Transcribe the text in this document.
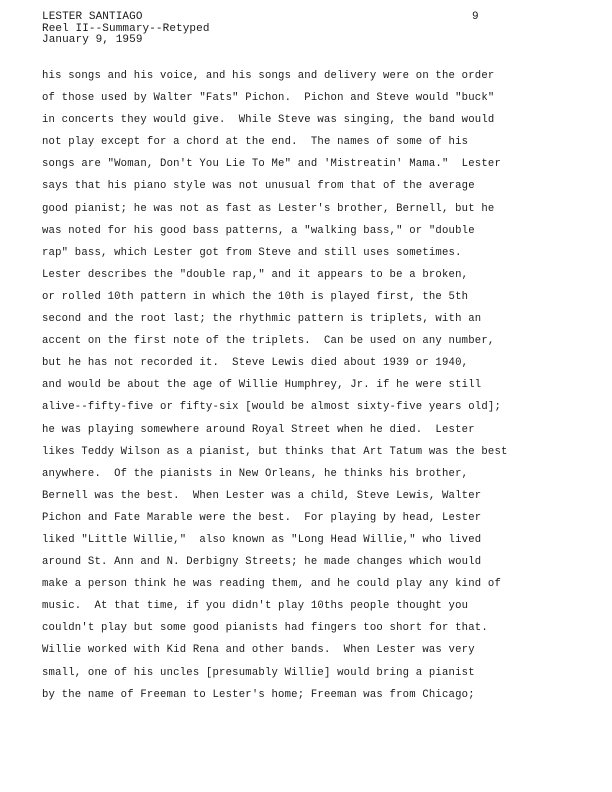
LESTER SANTIAGO
Reel II--Summary--Retyped
January 9, 1959
9
his songs and his voice, and his songs and delivery were on the order
of those used by Walter "Fats" Pichon.  Pichon and Steve would "buck"
in concerts they would give.  While Steve was singing, the band would
not play except for a chord at the end.  The names of some of his
songs are "Woman, Don't You Lie To Me" and 'Mistreatin' Mama."  Lester
says that his piano style was not unusual from that of the average
good pianist; he was not as fast as Lester's brother, Bernell, but he
was noted for his good bass patterns, a "walking bass," or "double
rap" bass, which Lester got from Steve and still uses sometimes.
Lester describes the "double rap," and it appears to be a broken,
or rolled 10th pattern in which the 10th is played first, the 5th
second and the root last; the rhythmic pattern is triplets, with an
accent on the first note of the triplets.  Can be used on any number,
but he has not recorded it.  Steve Lewis died about 1939 or 1940,
and would be about the age of Willie Humphrey, Jr. if he were still
alive--fifty-five or fifty-six [would be almost sixty-five years old];
he was playing somewhere around Royal Street when he died.  Lester
likes Teddy Wilson as a pianist, but thinks that Art Tatum was the best
anywhere.  Of the pianists in New Orleans, he thinks his brother,
Bernell was the best.  When Lester was a child, Steve Lewis, Walter
Pichon and Fate Marable were the best.  For playing by head, Lester
liked "Little Willie,"  also known as "Long Head Willie," who lived
around St. Ann and N. Derbigny Streets; he made changes which would
make a person think he was reading them, and he could play any kind of
music.  At that time, if you didn't play 10ths people thought you
couldn't play but some good pianists had fingers too short for that.
Willie worked with Kid Rena and other bands.  When Lester was very
small, one of his uncles [presumably Willie] would bring a pianist
by the name of Freeman to Lester's home; Freeman was from Chicago;
